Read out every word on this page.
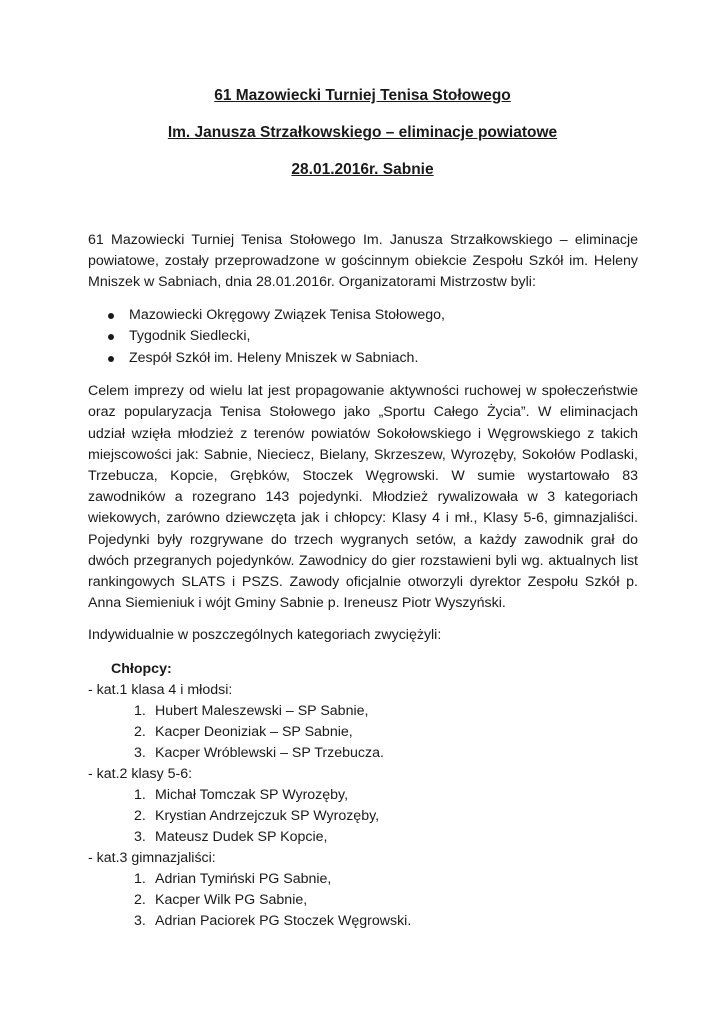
61 Mazowiecki Turniej Tenisa Stołowego
Im. Janusza Strzałkowskiego – eliminacje powiatowe
28.01.2016r. Sabnie

61 Mazowiecki Turniej Tenisa Stołowego Im. Janusza Strzałkowskiego – eliminacje powiatowe, zostały przeprowadzone w gościnnym obiekcie Zespołu Szkół im. Heleny Mniszek w Sabniach, dnia 28.01.2016r. Organizatorami Mistrzostw byli:

Mazowiecki Okręgowy Związek Tenisa Stołowego,
Tygodnik Siedlecki,
Zespół Szkół im. Heleny Mniszek w Sabniach.

Celem imprezy od wielu lat jest propagowanie aktywności ruchowej w społeczeństwie oraz popularyzacja Tenisa Stołowego jako „Sportu Całego Życia”. W eliminacjach udział wzięła młodzież z terenów powiatów Sokołowskiego i Węgrowskiego z takich miejscowości jak: Sabnie, Nieciecz, Bielany, Skrzeszew, Wyrozęby, Sokołów Podlaski, Trzebucza, Kopcie, Grębków, Stoczek Węgrowski. W sumie wystartowało 83 zawodników a rozegrano 143 pojedynki. Młodzież rywalizowała w 3 kategoriach wiekowych, zarówno dziewczęta jak i chłopcy: Klasy 4 i mł., Klasy 5-6, gimnazjaliści. Pojedynki były rozgrywane do trzech wygranych setów, a każdy zawodnik grał do dwóch przegranych pojedynków. Zawodnicy do gier rozstawieni byli wg. aktualnych list rankingowych SLATS i PSZS. Zawody oficjalnie otworzyli dyrektor Zespołu Szkół p. Anna Siemieniuk i wójt Gminy Sabnie p. Ireneusz Piotr Wyszyński.

Indywidualnie w poszczególnych kategoriach zwyciężyli:

Chłopcy:
- kat.1 klasa 4 i młodsi:
1. Hubert Maleszewski – SP Sabnie,
2. Kacper Deoniziak – SP Sabnie,
3. Kacper Wróblewski – SP Trzebucza.
- kat.2 klasy 5-6:
1. Michał Tomczak SP Wyrozęby,
2. Krystian Andrzejczuk SP Wyrozęby,
3. Mateusz Dudek SP Kopcie,
- kat.3 gimnazjaliści:
1. Adrian Tymiński PG Sabnie,
2. Kacper Wilk PG Sabnie,
3. Adrian Paciorek PG Stoczek Węgrowski.
